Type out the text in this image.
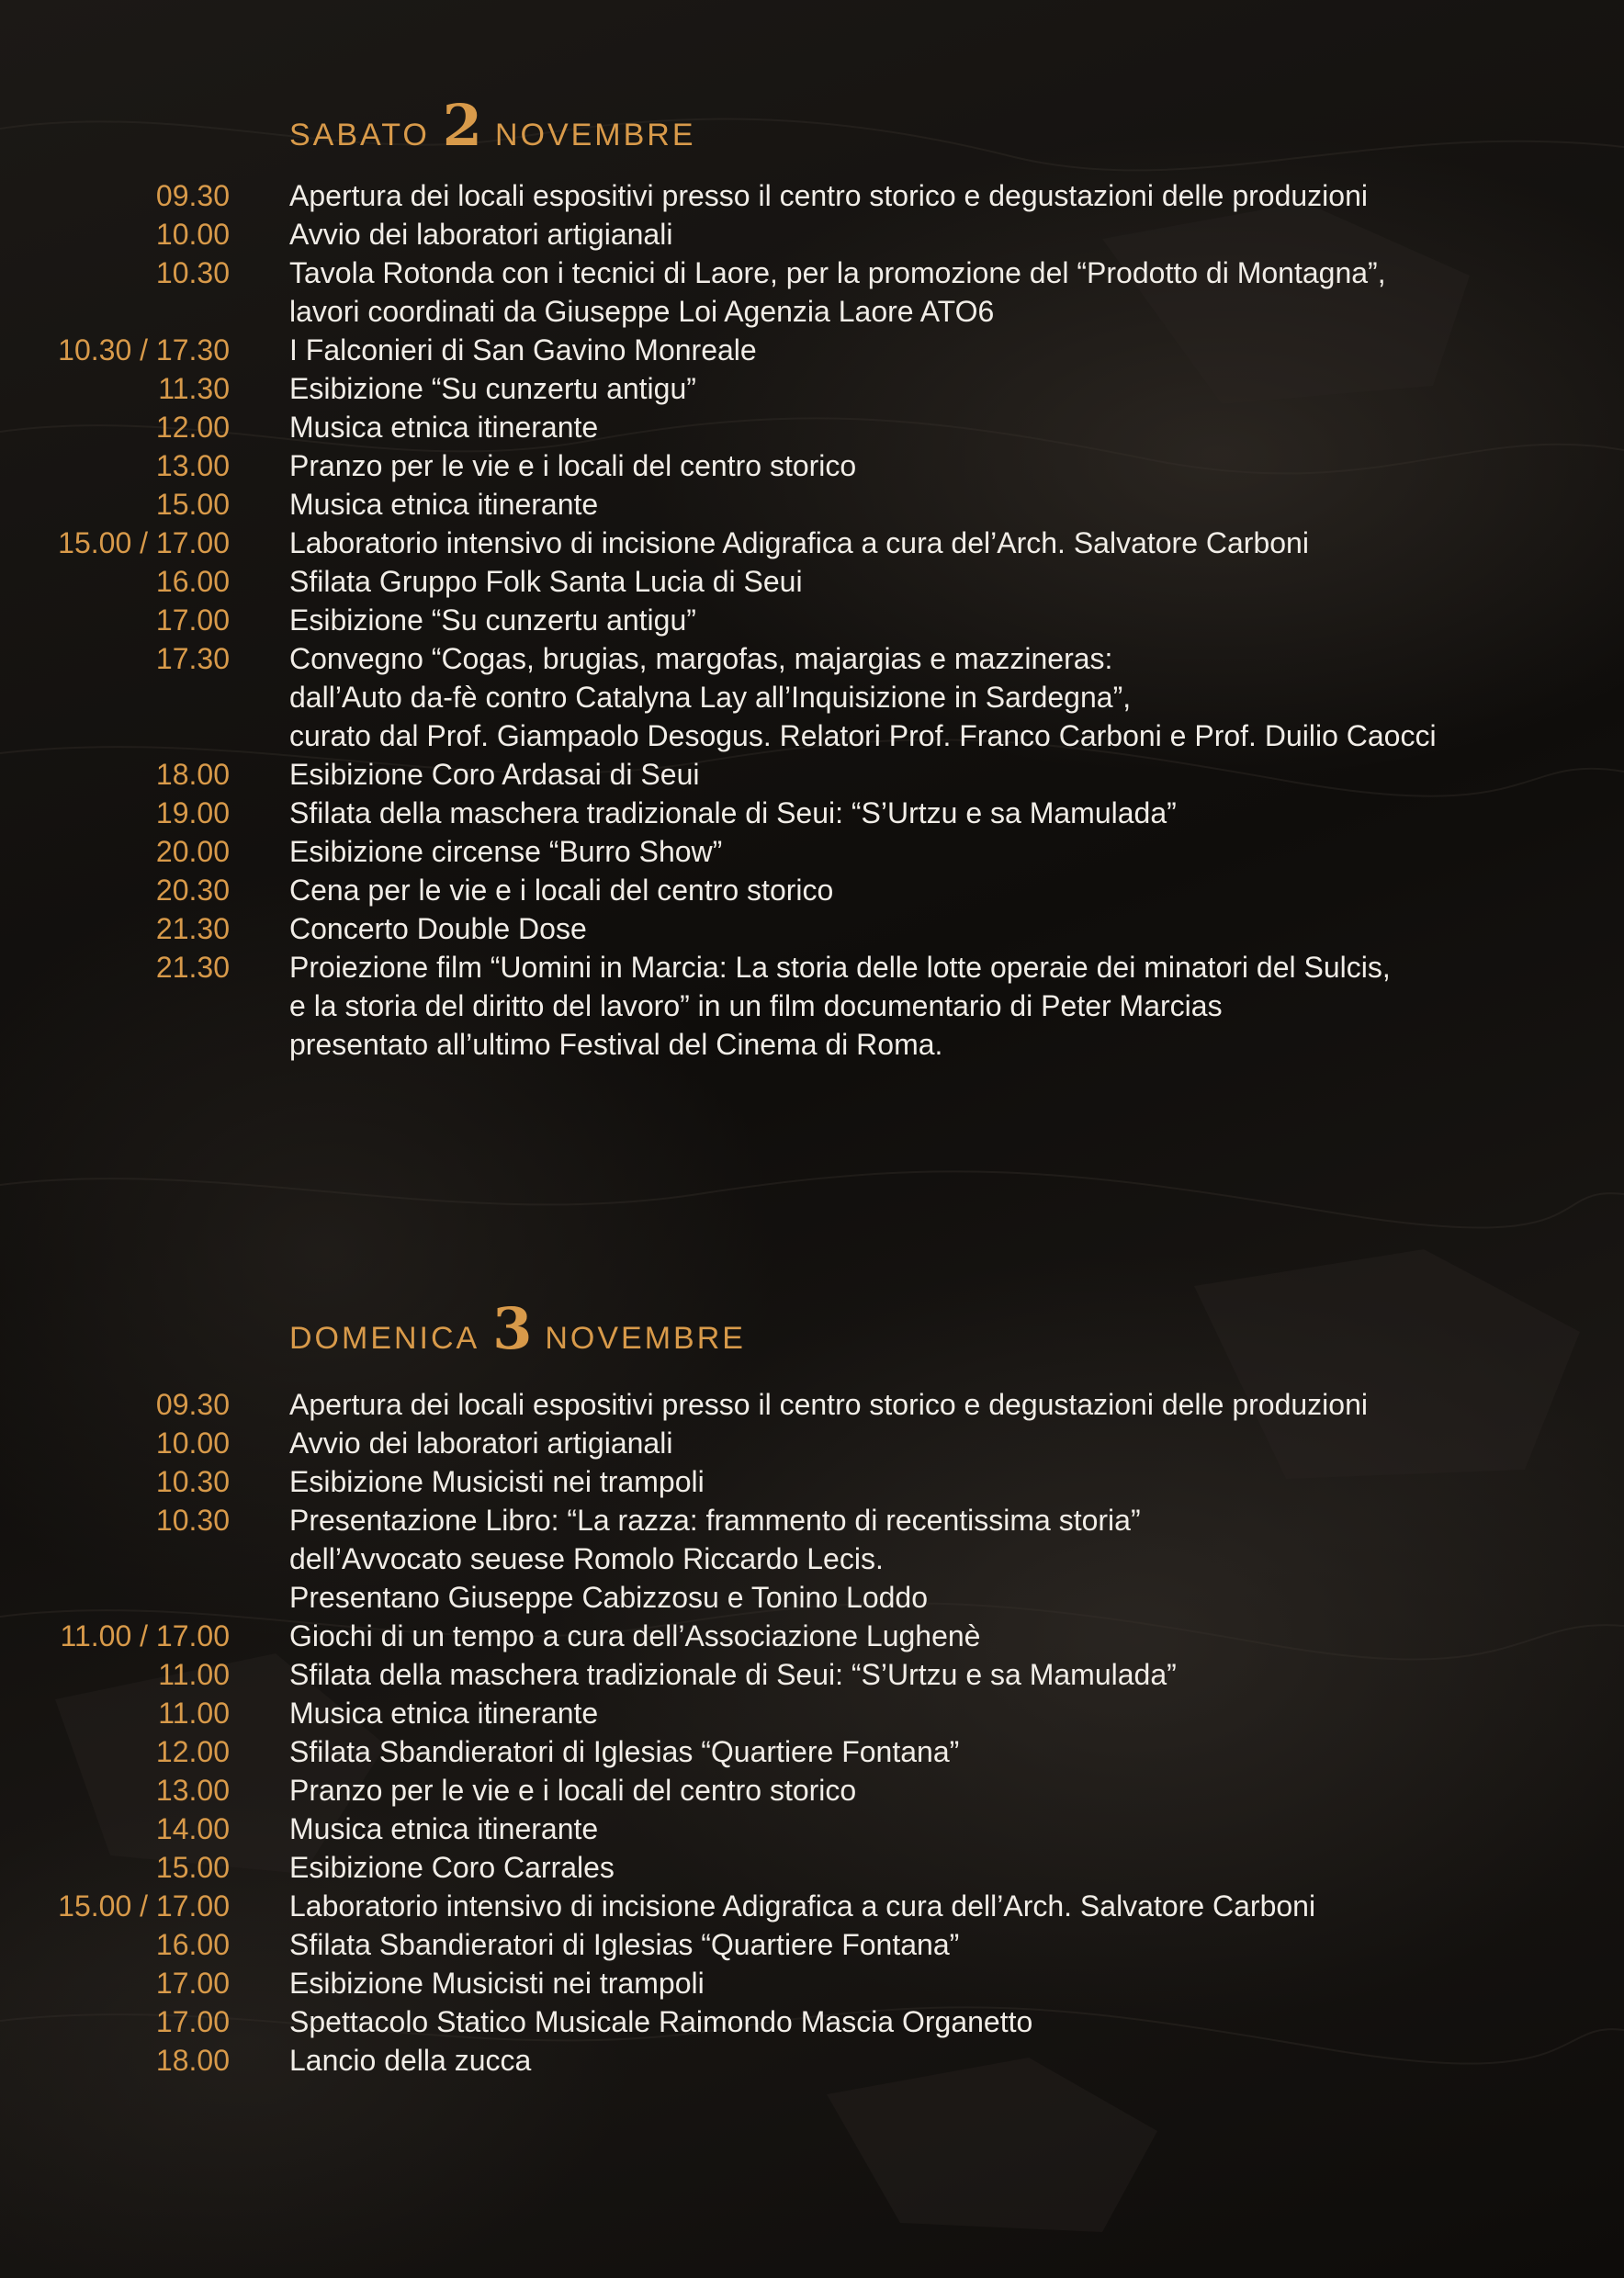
SABATO 2 NOVEMBRE
09.30 Apertura dei locali espositivi presso il centro storico e degustazioni delle produzioni
10.00 Avvio dei laboratori artigianali
10.30 Tavola Rotonda con i tecnici di Laore, per la promozione del “Prodotto di Montagna”,
lavori coordinati da Giuseppe Loi Agenzia Laore ATO6
10.30 / 17.30 I Falconieri di San Gavino Monreale
11.30 Esibizione “Su cunzertu antigu”
12.00 Musica etnica itinerante
13.00 Pranzo per le vie e i locali del centro storico
15.00 Musica etnica itinerante
15.00 / 17.00 Laboratorio intensivo di incisione Adigrafica a cura del’Arch. Salvatore Carboni
16.00 Sfilata Gruppo Folk Santa Lucia di Seui
17.00 Esibizione “Su cunzertu antigu”
17.30 Convegno “Cogas, brugias, margofas, majargias e mazzineras:
dall’Auto da-fè contro Catalyna Lay all’Inquisizione in Sardegna”,
curato dal Prof. Giampaolo Desogus. Relatori Prof. Franco Carboni e Prof. Duilio Caocci
18.00 Esibizione Coro Ardasai di Seui
19.00 Sfilata della maschera tradizionale di Seui: “S’Urtzu e sa Mamulada”
20.00 Esibizione circense “Burro Show”
20.30 Cena per le vie e i locali del centro storico
21.30 Concerto Double Dose
21.30 Proiezione film “Uomini in Marcia: La storia delle lotte operaie dei minatori del Sulcis,
e la storia del diritto del lavoro” in un film documentario di Peter Marcias
presentato all’ultimo Festival del Cinema di Roma.
DOMENICA 3 NOVEMBRE
09.30 Apertura dei locali espositivi presso il centro storico e degustazioni delle produzioni
10.00 Avvio dei laboratori artigianali
10.30 Esibizione Musicisti nei trampoli
10.30 Presentazione Libro: “La razza: frammento di recentissima storia”
dell’Avvocato seuese Romolo Riccardo Lecis.
Presentano Giuseppe Cabizzosu e Tonino Loddo
11.00 / 17.00 Giochi di un tempo a cura dell’Associazione Lughenè
11.00 Sfilata della maschera tradizionale di Seui: “S’Urtzu e sa Mamulada”
11.00 Musica etnica itinerante
12.00 Sfilata Sbandieratori di Iglesias “Quartiere Fontana”
13.00 Pranzo per le vie e i locali del centro storico
14.00 Musica etnica itinerante
15.00 Esibizione Coro Carrales
15.00 / 17.00 Laboratorio intensivo di incisione Adigrafica a cura dell’Arch. Salvatore Carboni
16.00 Sfilata Sbandieratori di Iglesias “Quartiere Fontana”
17.00 Esibizione Musicisti nei trampoli
17.00 Spettacolo Statico Musicale Raimondo Mascia Organetto
18.00 Lancio della zucca
